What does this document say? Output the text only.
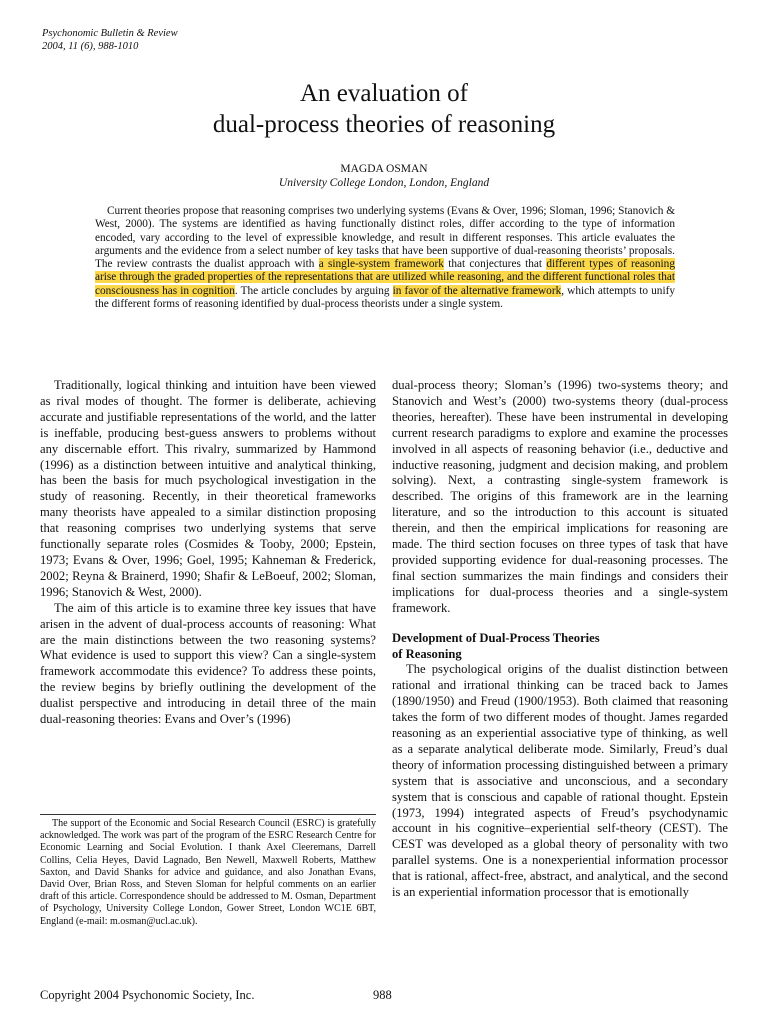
Psychonomic Bulletin & Review
2004, 11 (6), 988-1010
An evaluation of
dual-process theories of reasoning
MAGDA OSMAN
University College London, London, England

Current theories propose that reasoning comprises two underlying systems (Evans & Over, 1996; Sloman, 1996; Stanovich & West, 2000). The systems are identified as having functionally distinct roles, differ according to the type of information encoded, vary according to the level of expressible knowledge, and result in different responses. This article evaluates the arguments and the evidence from a select number of key tasks that have been supportive of dual-reasoning theorists’ proposals. The review contrasts the dualist approach with a single-system framework that conjectures that different types of reasoning arise through the graded properties of the representations that are utilized while reasoning, and the different functional roles that consciousness has in cognition. The article concludes by arguing in favor of the alternative framework, which attempts to unify the different forms of reasoning identified by dual-process theorists under a single system.

Traditionally, logical thinking and intuition have been viewed as rival modes of thought. The former is deliberate, achieving accurate and justifiable representations of the world, and the latter is ineffable, producing best-guess answers to problems without any discernable effort. This rivalry, summarized by Hammond (1996) as a distinction between intuitive and analytical thinking, has been the basis for much psychological investigation in the study of reasoning. Recently, in their theoretical frameworks many theorists have appealed to a similar distinction proposing that reasoning comprises two underlying systems that serve functionally separate roles (Cosmides & Tooby, 2000; Epstein, 1973; Evans & Over, 1996; Goel, 1995; Kahneman & Frederick, 2002; Reyna & Brainerd, 1990; Shafir & LeBoeuf, 2002; Sloman, 1996; Stanovich & West, 2000).

The aim of this article is to examine three key issues that have arisen in the advent of dual-process accounts of reasoning: What are the main distinctions between the two reasoning systems? What evidence is used to support this view? Can a single-system framework accommodate this evidence? To address these points, the review begins by briefly outlining the development of the dualist perspective and introducing in detail three of the main dual-reasoning theories: Evans and Over’s (1996)

dual-process theory; Sloman’s (1996) two-systems theory; and Stanovich and West’s (2000) two-systems theory (dual-process theories, hereafter). These have been instrumental in developing current research paradigms to explore and examine the processes involved in all aspects of reasoning behavior (i.e., deductive and inductive reasoning, judgment and decision making, and problem solving). Next, a contrasting single-system framework is described. The origins of this framework are in the learning literature, and so the introduction to this account is situated therein, and then the empirical implications for reasoning are made. The third section focuses on three types of task that have provided supporting evidence for dual-reasoning processes. The final section summarizes the main findings and considers their implications for dual-process theories and a single-system framework.

Development of Dual-Process Theories
of Reasoning

The psychological origins of the dualist distinction between rational and irrational thinking can be traced back to James (1890/1950) and Freud (1900/1953). Both claimed that reasoning takes the form of two different modes of thought. James regarded reasoning as an experiential associative type of thinking, as well as a separate analytical deliberate mode. Similarly, Freud’s dual theory of information processing distinguished between a primary system that is associative and unconscious, and a secondary system that is conscious and capable of rational thought. Epstein (1973, 1994) integrated aspects of Freud’s psychodynamic account in his cognitive–experiential self-theory (CEST). The CEST was developed as a global theory of personality with two parallel systems. One is a nonexperiential information processor that is rational, affect-free, abstract, and analytical, and the second is an experiential information processor that is emotionally

The support of the Economic and Social Research Council (ESRC) is gratefully acknowledged. The work was part of the program of the ESRC Research Centre for Economic Learning and Social Evolution. I thank Axel Cleeremans, Darrell Collins, Celia Heyes, David Lagnado, Ben Newell, Maxwell Roberts, Matthew Saxton, and David Shanks for advice and guidance, and also Jonathan Evans, David Over, Brian Ross, and Steven Sloman for helpful comments on an earlier draft of this article. Correspondence should be addressed to M. Osman, Department of Psychology, University College London, Gower Street, London WC1E 6BT, England (e-mail: m.osman@ucl.ac.uk).

Copyright 2004 Psychonomic Society, Inc.	988
